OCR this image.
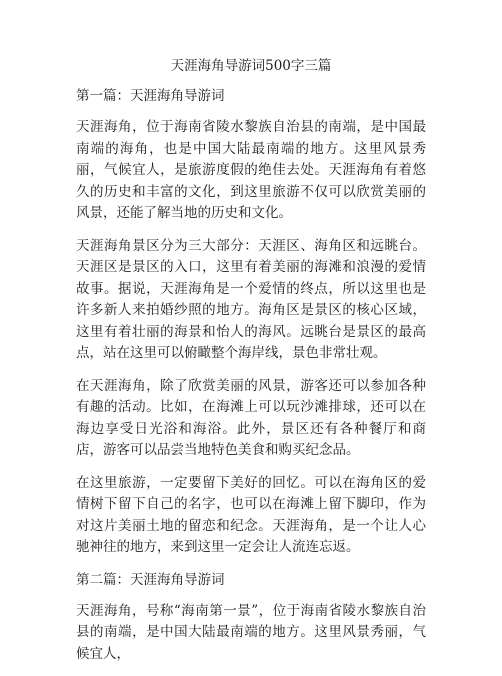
天涯海角导游词500字三篇
第一篇：天涯海角导游词

天涯海角，位于海南省陵水黎族自治县的南端，是中国最南端的海角，也是中国大陆最南端的地方。这里风景秀丽，气候宜人，是旅游度假的绝佳去处。天涯海角有着悠久的历史和丰富的文化，到这里旅游不仅可以欣赏美丽的风景，还能了解当地的历史和文化。

天涯海角景区分为三大部分：天涯区、海角区和远眺台。天涯区是景区的入口，这里有着美丽的海滩和浪漫的爱情故事。据说，天涯海角是一个爱情的终点，所以这里也是许多新人来拍婚纱照的地方。海角区是景区的核心区域，这里有着壮丽的海景和怡人的海风。远眺台是景区的最高点，站在这里可以俯瞰整个海岸线，景色非常壮观。

在天涯海角，除了欣赏美丽的风景，游客还可以参加各种有趣的活动。比如，在海滩上可以玩沙滩排球，还可以在海边享受日光浴和海浴。此外，景区还有各种餐厅和商店，游客可以品尝当地特色美食和购买纪念品。

在这里旅游，一定要留下美好的回忆。可以在海角区的爱情树下留下自己的名字，也可以在海滩上留下脚印，作为对这片美丽土地的留恋和纪念。天涯海角，是一个让人心驰神往的地方，来到这里一定会让人流连忘返。

第二篇：天涯海角导游词

天涯海角，号称“海南第一景”，位于海南省陵水黎族自治县的南端，是中国大陆最南端的地方。这里风景秀丽，气候宜人，
